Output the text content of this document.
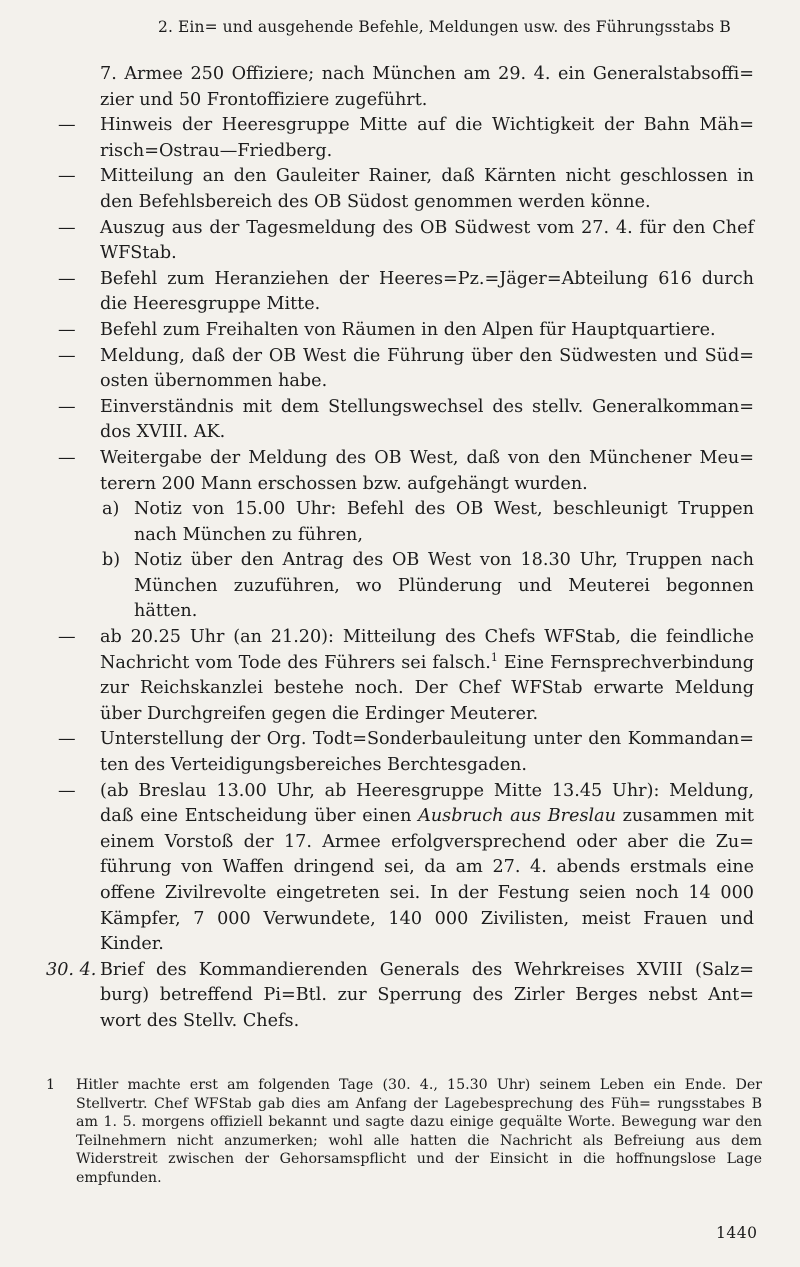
2. Ein= und ausgehende Befehle, Meldungen usw. des Führungsstabs B

7. Armee 250 Offiziere; nach München am 29. 4. ein Generalstabsoffi= zier und 50 Frontoffiziere zugeführt.

— Hinweis der Heeresgruppe Mitte auf die Wichtigkeit der Bahn Mäh= risch=Ostrau—Friedberg.

— Mitteilung an den Gauleiter Rainer, daß Kärnten nicht geschlossen in den Befehlsbereich des OB Südost genommen werden könne.

— Auszug aus der Tagesmeldung des OB Südwest vom 27. 4. für den Chef WFStab.

— Befehl zum Heranziehen der Heeres=Pz.=Jäger=Abteilung 616 durch die Heeresgruppe Mitte.

— Befehl zum Freihalten von Räumen in den Alpen für Hauptquartiere.

— Meldung, daß der OB West die Führung über den Südwesten und Süd= osten übernommen habe.

— Einverständnis mit dem Stellungswechsel des stellv. Generalkomman= dos XVIII. AK.

— Weitergabe der Meldung des OB West, daß von den Münchener Meu= terern 200 Mann erschossen bzw. aufgehängt wurden.

a) Notiz von 15.00 Uhr: Befehl des OB West, beschleunigt Truppen nach München zu führen,

b) Notiz über den Antrag des OB West von 18.30 Uhr, Truppen nach München zuzuführen, wo Plünderung und Meuterei begonnen hätten.

— ab 20.25 Uhr (an 21.20): Mitteilung des Chefs WFStab, die feindliche Nachricht vom Tode des Führers sei falsch.$^1$ Eine Fernsprechverbindung zur Reichskanzlei bestehe noch. Der Chef WFStab erwarte Meldung über Durchgreifen gegen die Erdinger Meuterer.

— Unterstellung der Org. Todt=Sonderbauleitung unter den Kommandan= ten des Verteidigungsbereiches Berchtesgaden.

— (ab Breslau 13.00 Uhr, ab Heeresgruppe Mitte 13.45 Uhr): Meldung, daß eine Entscheidung über einen Ausbruch aus Breslau zusammen mit einem Vorstoß der 17. Armee erfolgversprechend oder aber die Zu= führung von Waffen dringend sei, da am 27. 4. abends erstmals eine offene Zivilrevolte eingetreten sei. In der Festung seien noch 14 000 Kämpfer, 7 000 Verwundete, 140 000 Zivilisten, meist Frauen und Kinder.

30. 4. Brief des Kommandierenden Generals des Wehrkreises XVIII (Salz= burg) betreffend Pi=Btl. zur Sperrung des Zirler Berges nebst Ant= wort des Stellv. Chefs.

1 Hitler machte erst am folgenden Tage (30. 4., 15.30 Uhr) seinem Leben ein Ende. Der Stellvertr. Chef WFStab gab dies am Anfang der Lagebesprechung des Füh= rungsstabes B am 1. 5. morgens offiziell bekannt und sagte dazu einige gequälte Worte. Bewegung war den Teilnehmern nicht anzumerken; wohl alle hatten die Nachricht als Befreiung aus dem Widerstreit zwischen der Gehorsamspflicht und der Einsicht in die hoffnungslose Lage empfunden.

1440
